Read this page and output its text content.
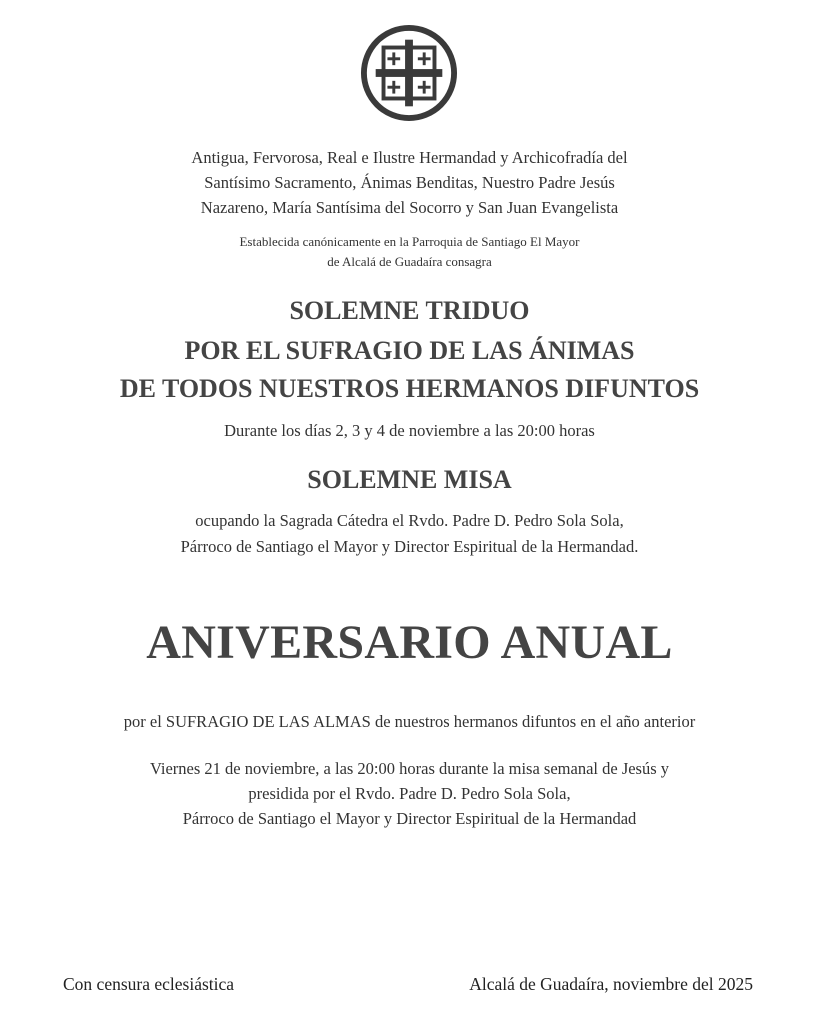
Antigua, Fervorosa, Real e Ilustre Hermandad y Archicofradía del
Santísimo Sacramento, Ánimas Benditas, Nuestro Padre Jesús
Nazareno, María Santísima del Socorro y San Juan Evangelista
Establecida canónicamente en la Parroquia de Santiago El Mayor
de Alcalá de Guadaíra consagra
SOLEMNE TRIDUO
POR EL SUFRAGIO DE LAS ÁNIMAS
DE TODOS NUESTROS HERMANOS DIFUNTOS
Durante los días 2, 3 y 4 de noviembre a las 20:00 horas
SOLEMNE MISA
ocupando la Sagrada Cátedra el Rvdo. Padre D. Pedro Sola Sola,
Párroco de Santiago el Mayor y Director Espiritual de la Hermandad.
ANIVERSARIO ANUAL
por el SUFRAGIO DE LAS ALMAS de nuestros hermanos difuntos en el año anterior
Viernes 21 de noviembre, a las 20:00 horas durante la misa semanal de Jesús y
presidida por el Rvdo. Padre D. Pedro Sola Sola,
Párroco de Santiago el Mayor y Director Espiritual de la Hermandad
Con censura eclesiástica	Alcalá de Guadaíra, noviembre del 2025
